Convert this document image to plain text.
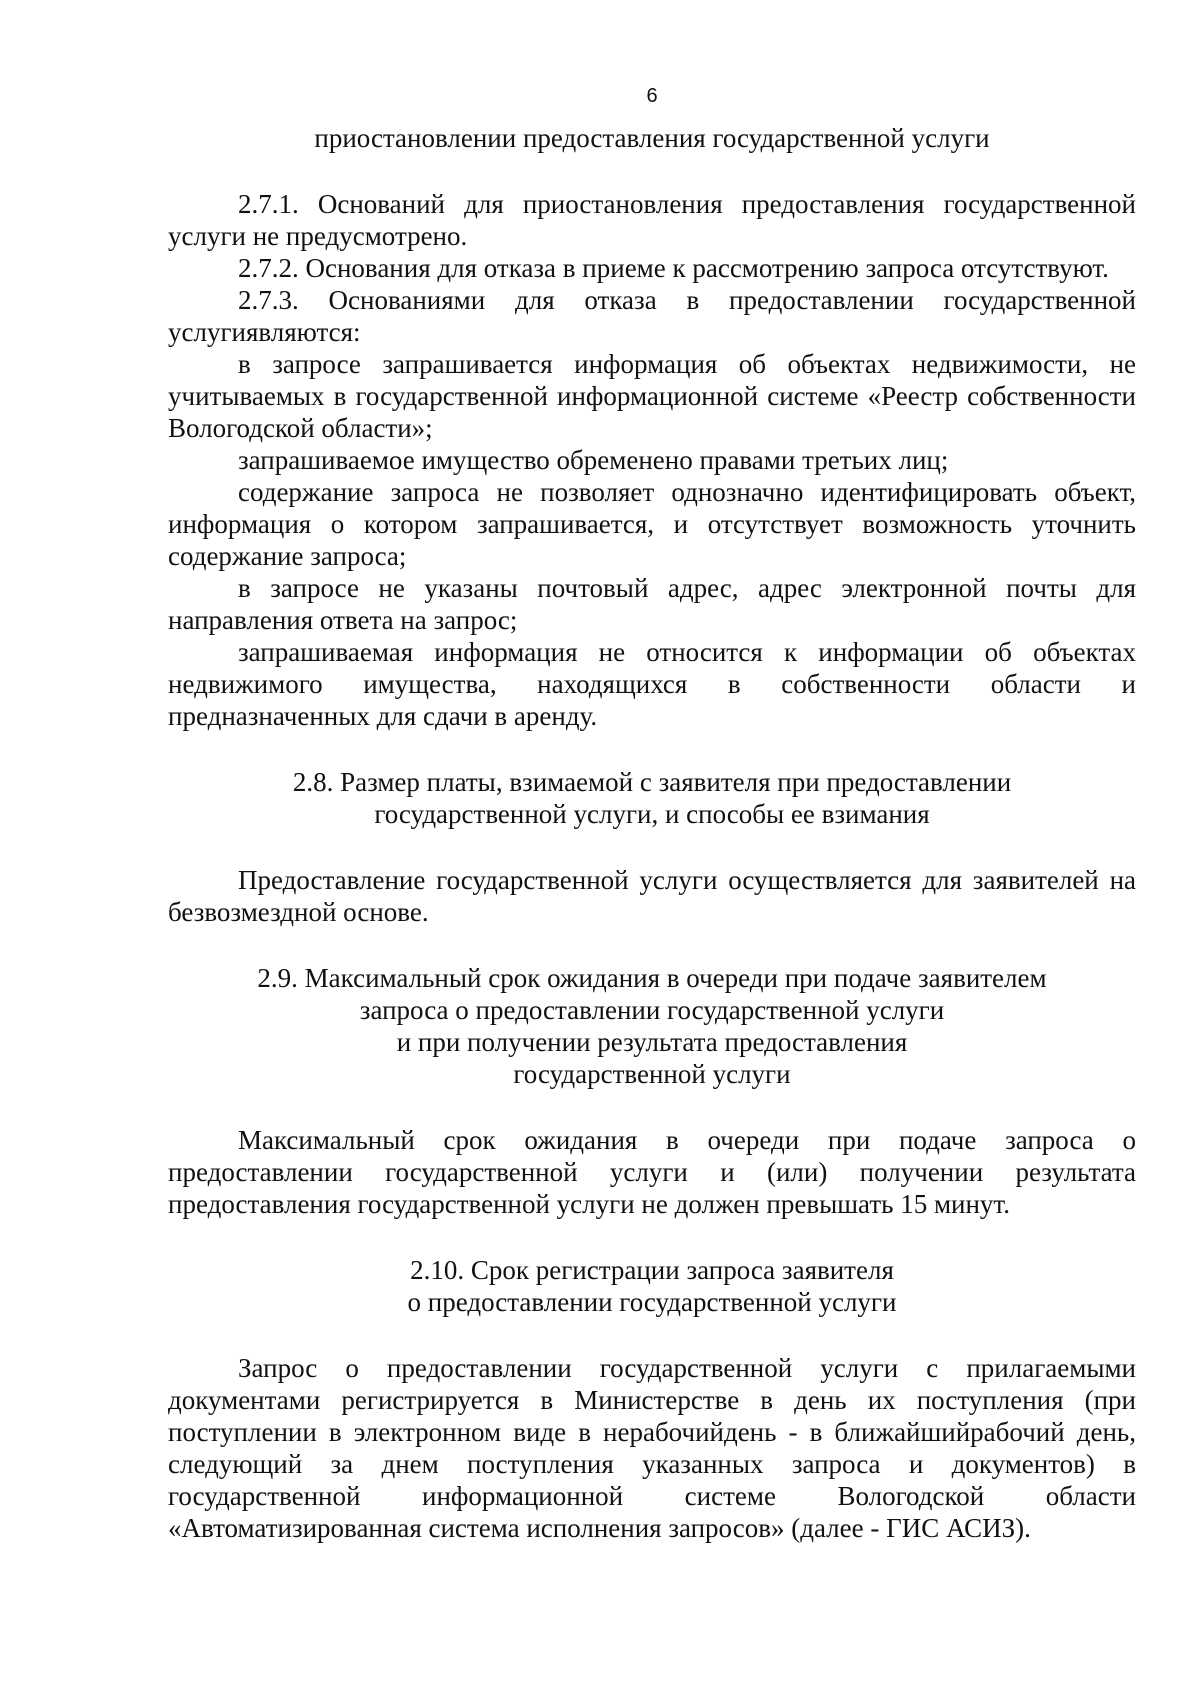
6

приостановлении предоставления государственной услуги

2.7.1. Оснований для приостановления предоставления государственной услуги не предусмотрено.

2.7.2. Основания для отказа в приеме к рассмотрению запроса отсутствуют.

2.7.3. Основаниями для отказа в предоставлении государственной услугиявляются:

в запросе запрашивается информация об объектах недвижимости, не учитываемых в государственной информационной системе «Реестр собственности Вологодской области»;

запрашиваемое имущество обременено правами третьих лиц;

содержание запроса не позволяет однозначно идентифицировать объект, информация о котором запрашивается, и отсутствует возможность уточнить содержание запроса;

в запросе не указаны почтовый адрес, адрес электронной почты для направления ответа на запрос;

запрашиваемая информация не относится к информации об объектах недвижимого имущества, находящихся в собственности области и предназначенных для сдачи в аренду.

2.8. Размер платы, взимаемой с заявителя при предоставлении
государственной услуги, и способы ее взимания

Предоставление государственной услуги осуществляется для заявителей на безвозмездной основе.

2.9. Максимальный срок ожидания в очереди при подаче заявителем
запроса о предоставлении государственной услуги
и при получении результата предоставления
государственной услуги

Максимальный срок ожидания в очереди при подаче запроса о предоставлении государственной услуги и (или) получении результата предоставления государственной услуги не должен превышать 15 минут.

2.10. Срок регистрации запроса заявителя
о предоставлении государственной услуги

Запрос о предоставлении государственной услуги с прилагаемыми документами регистрируется в Министерстве в день их поступления (при поступлении в электронном виде в нерабочийдень - в ближайшийрабочий день, следующий за днем поступления указанных запроса и документов) в государственной информационной системе Вологодской области «Автоматизированная система исполнения запросов» (далее - ГИС АСИЗ).
